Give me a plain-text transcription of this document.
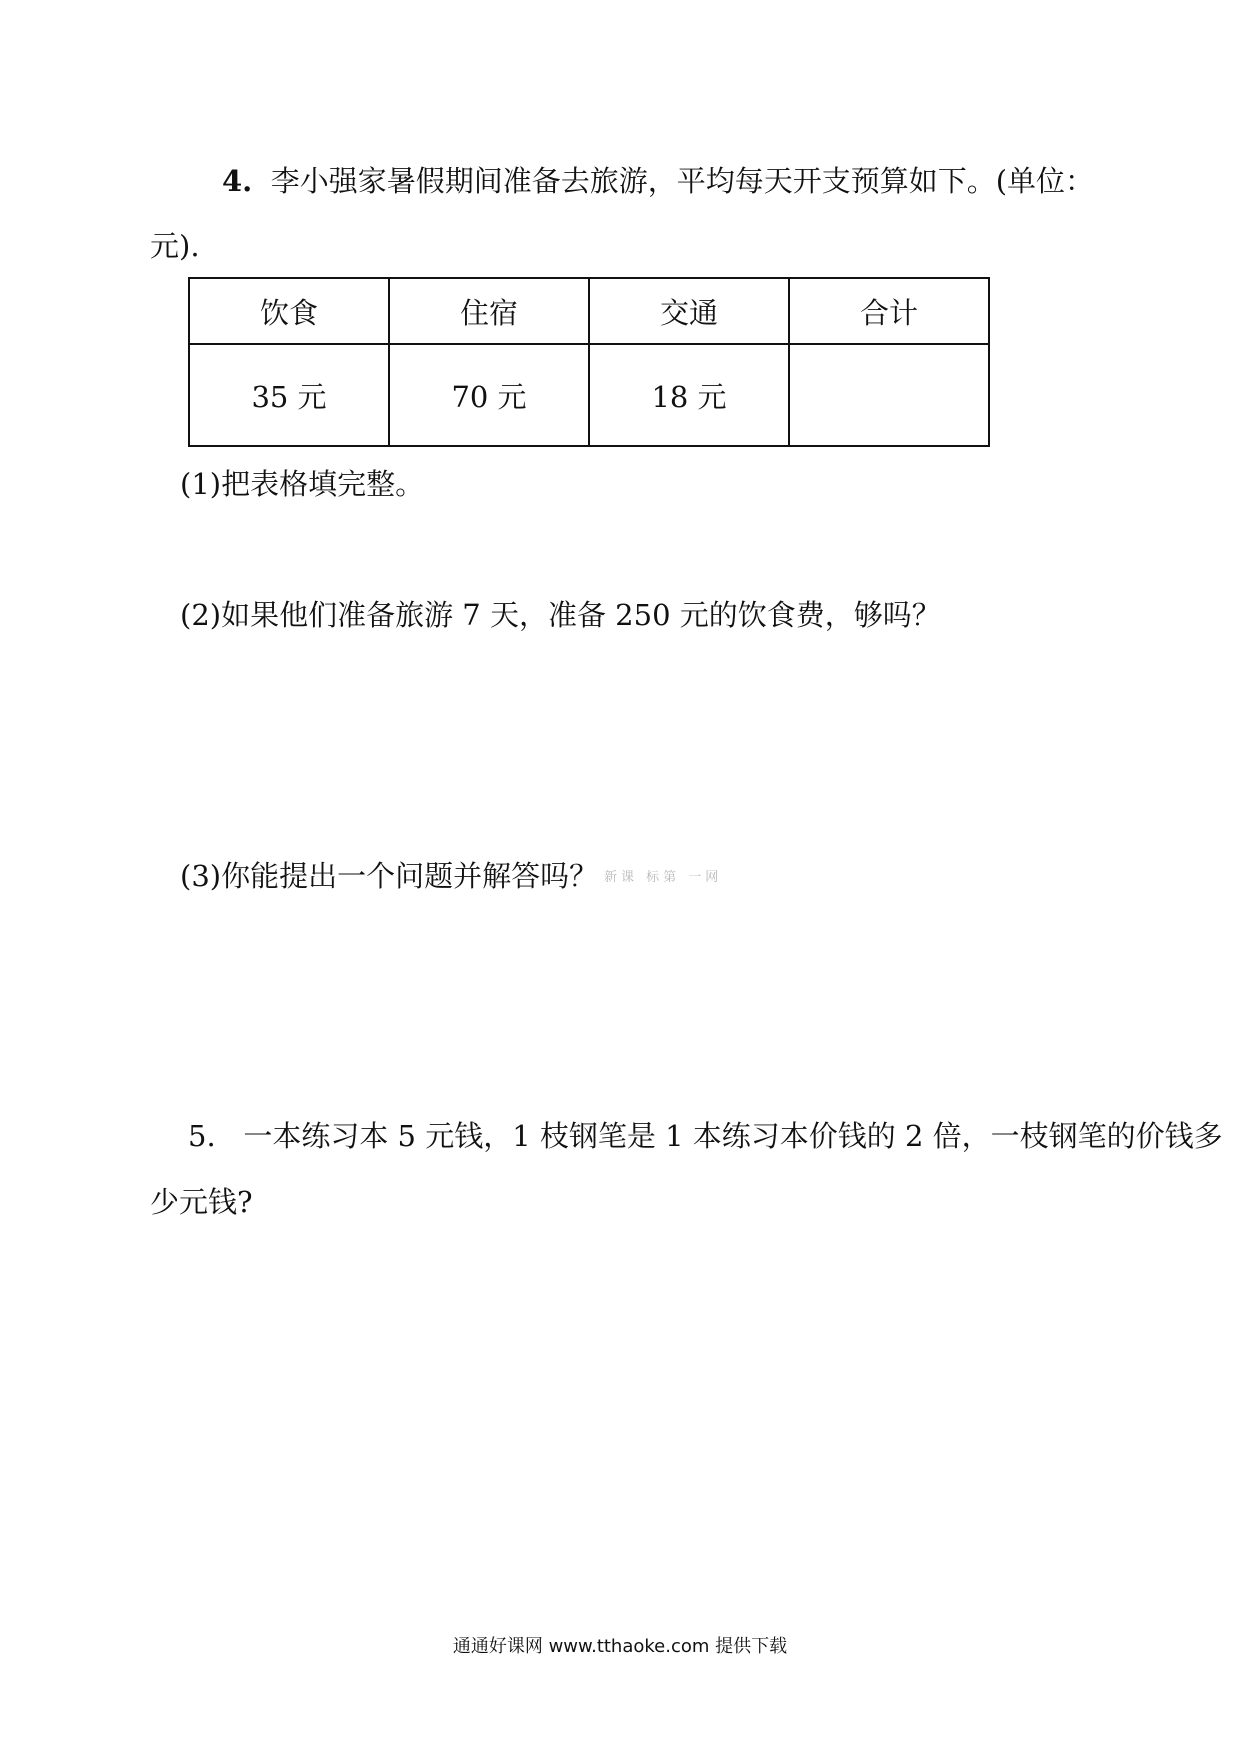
4. 李小强家暑假期间准备去旅游，平均每天开支预算如下。(单位：
元).
饮食	住宿	交通	合计
35 元	70 元	18 元	
(1)把表格填完整。
(2)如果他们准备旅游 7 天，准备 250 元的饮食费，够吗？
(3)你能提出一个问题并解答吗？ 新课 标第 一网
5. 一本练习本 5 元钱，1 枝钢笔是 1 本练习本价钱的 2 倍，一枝钢笔的价钱多
少元钱?
通通好课网 www.tthaoke.com 提供下载
